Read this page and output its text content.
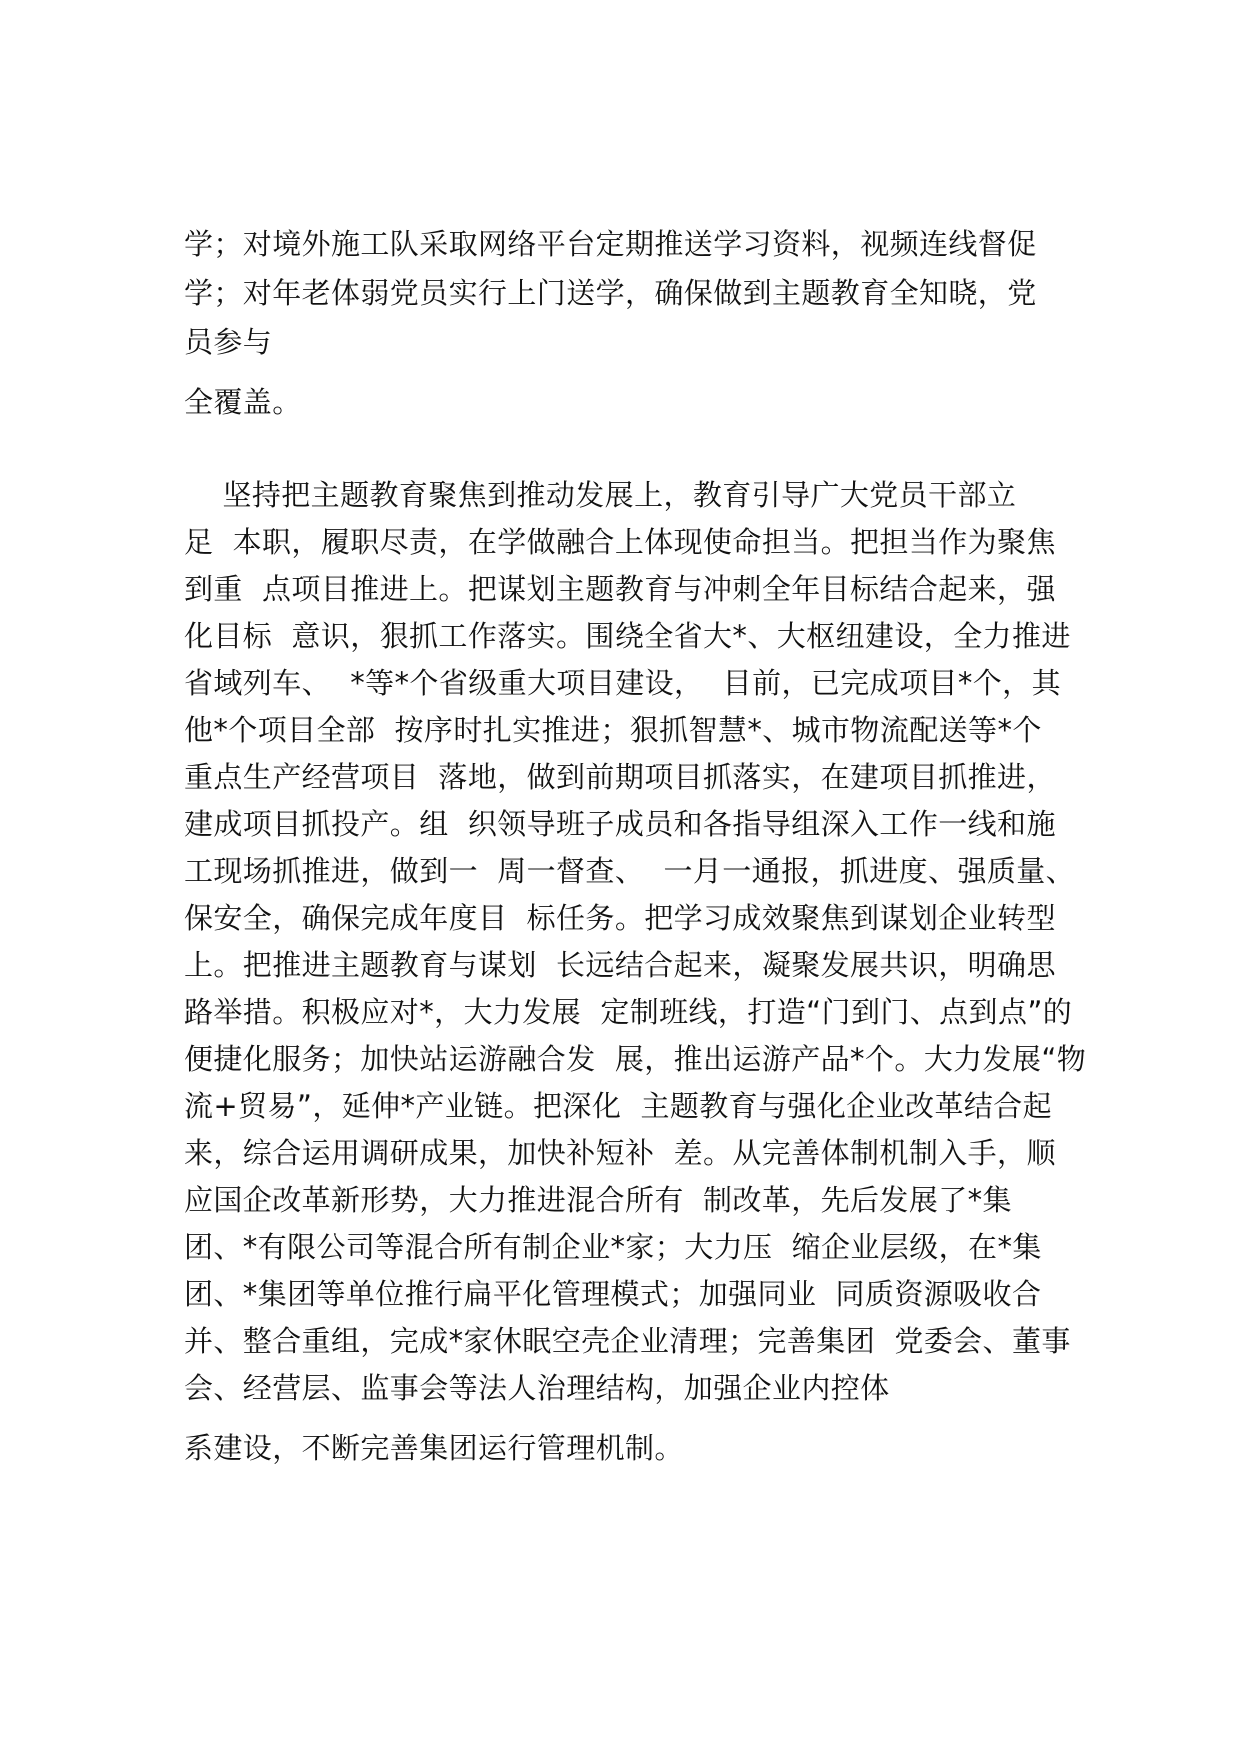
学；对境外施工队采取网络平台定期推送学习资料，视频连线督促
学；对年老体弱党员实行上门送学，确保做到主题教育全知晓，党
员参与
全覆盖。
坚持把主题教育聚焦到推动发展上，教育引导广大党员干部立
足  本职，履职尽责，在学做融合上体现使命担当。把担当作为聚焦
到重  点项目推进上。把谋划主题教育与冲刺全年目标结合起来，强
化目标  意识，狠抓工作落实。围绕全省大*、大枢纽建设，全力推进
省域列车、  *等*个省级重大项目建设，  目前，已完成项目*个，其
他*个项目全部  按序时扎实推进；狠抓智慧*、城市物流配送等*个
重点生产经营项目  落地，做到前期项目抓落实，在建项目抓推进，
建成项目抓投产。组  织领导班子成员和各指导组深入工作一线和施
工现场抓推进，做到一  周一督查、  一月一通报，抓进度、强质量、
保安全，确保完成年度目  标任务。把学习成效聚焦到谋划企业转型
上。把推进主题教育与谋划  长远结合起来，凝聚发展共识，明确思
路举措。积极应对*，大力发展  定制班线，打造“门到门、点到点”的
便捷化服务；加快站运游融合发  展，推出运游产品*个。大力发展“物
流+贸易”，延伸*产业链。把深化  主题教育与强化企业改革结合起
来，综合运用调研成果，加快补短补  差。从完善体制机制入手，顺
应国企改革新形势，大力推进混合所有  制改革，先后发展了*集
团、*有限公司等混合所有制企业*家；大力压  缩企业层级，在*集
团、*集团等单位推行扁平化管理模式；加强同业  同质资源吸收合
并、整合重组，完成*家休眠空壳企业清理；完善集团  党委会、董事
会、经营层、监事会等法人治理结构，加强企业内控体
系建设，不断完善集团运行管理机制。
